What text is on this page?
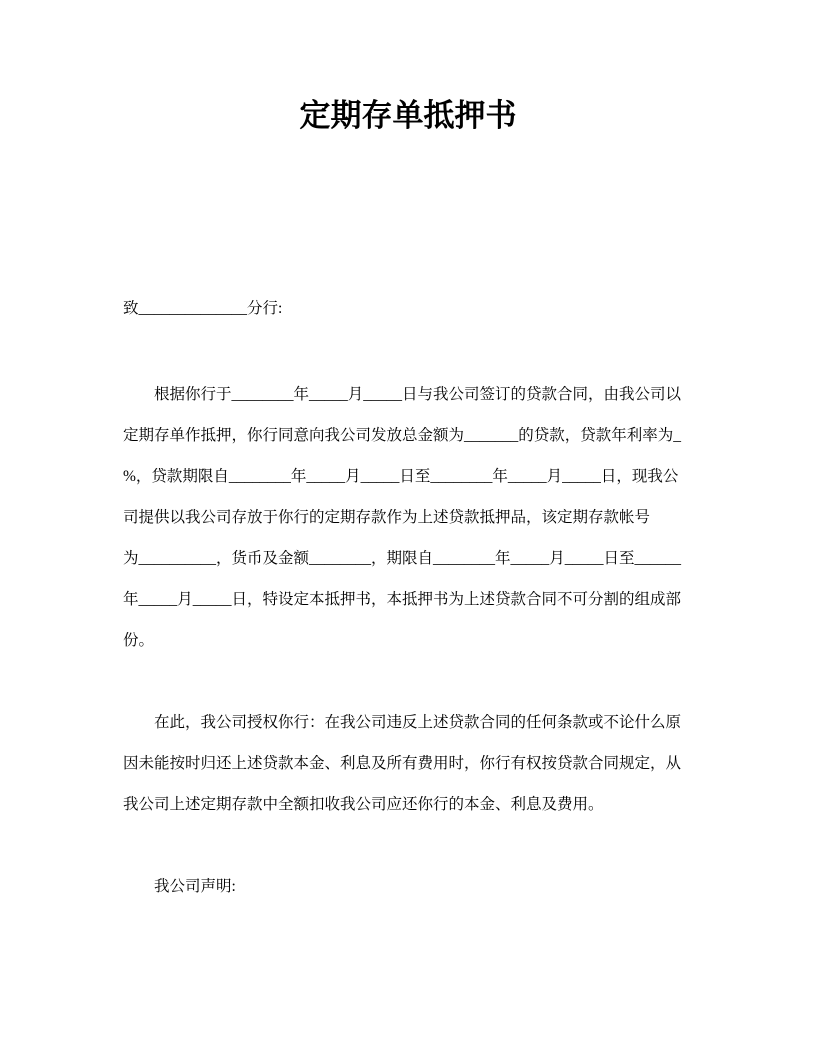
定期存单抵押书
致______________分行:
根据你行于________年_____月_____日与我公司签订的贷款合同，由我公司以
定期存单作抵押，你行同意向我公司发放总金额为_______的贷款，贷款年利率为_
%，贷款期限自________年_____月_____日至________年_____月_____日，现我公
司提供以我公司存放于你行的定期存款作为上述贷款抵押品，该定期存款帐号
为__________，货币及金额________，期限自________年_____月_____日至______
年_____月_____日，特设定本抵押书，本抵押书为上述贷款合同不可分割的组成部
份。
在此，我公司授权你行：在我公司违反上述贷款合同的任何条款或不论什么原
因未能按时归还上述贷款本金、利息及所有费用时，你行有权按贷款合同规定，从
我公司上述定期存款中全额扣收我公司应还你行的本金、利息及费用。
我公司声明:
